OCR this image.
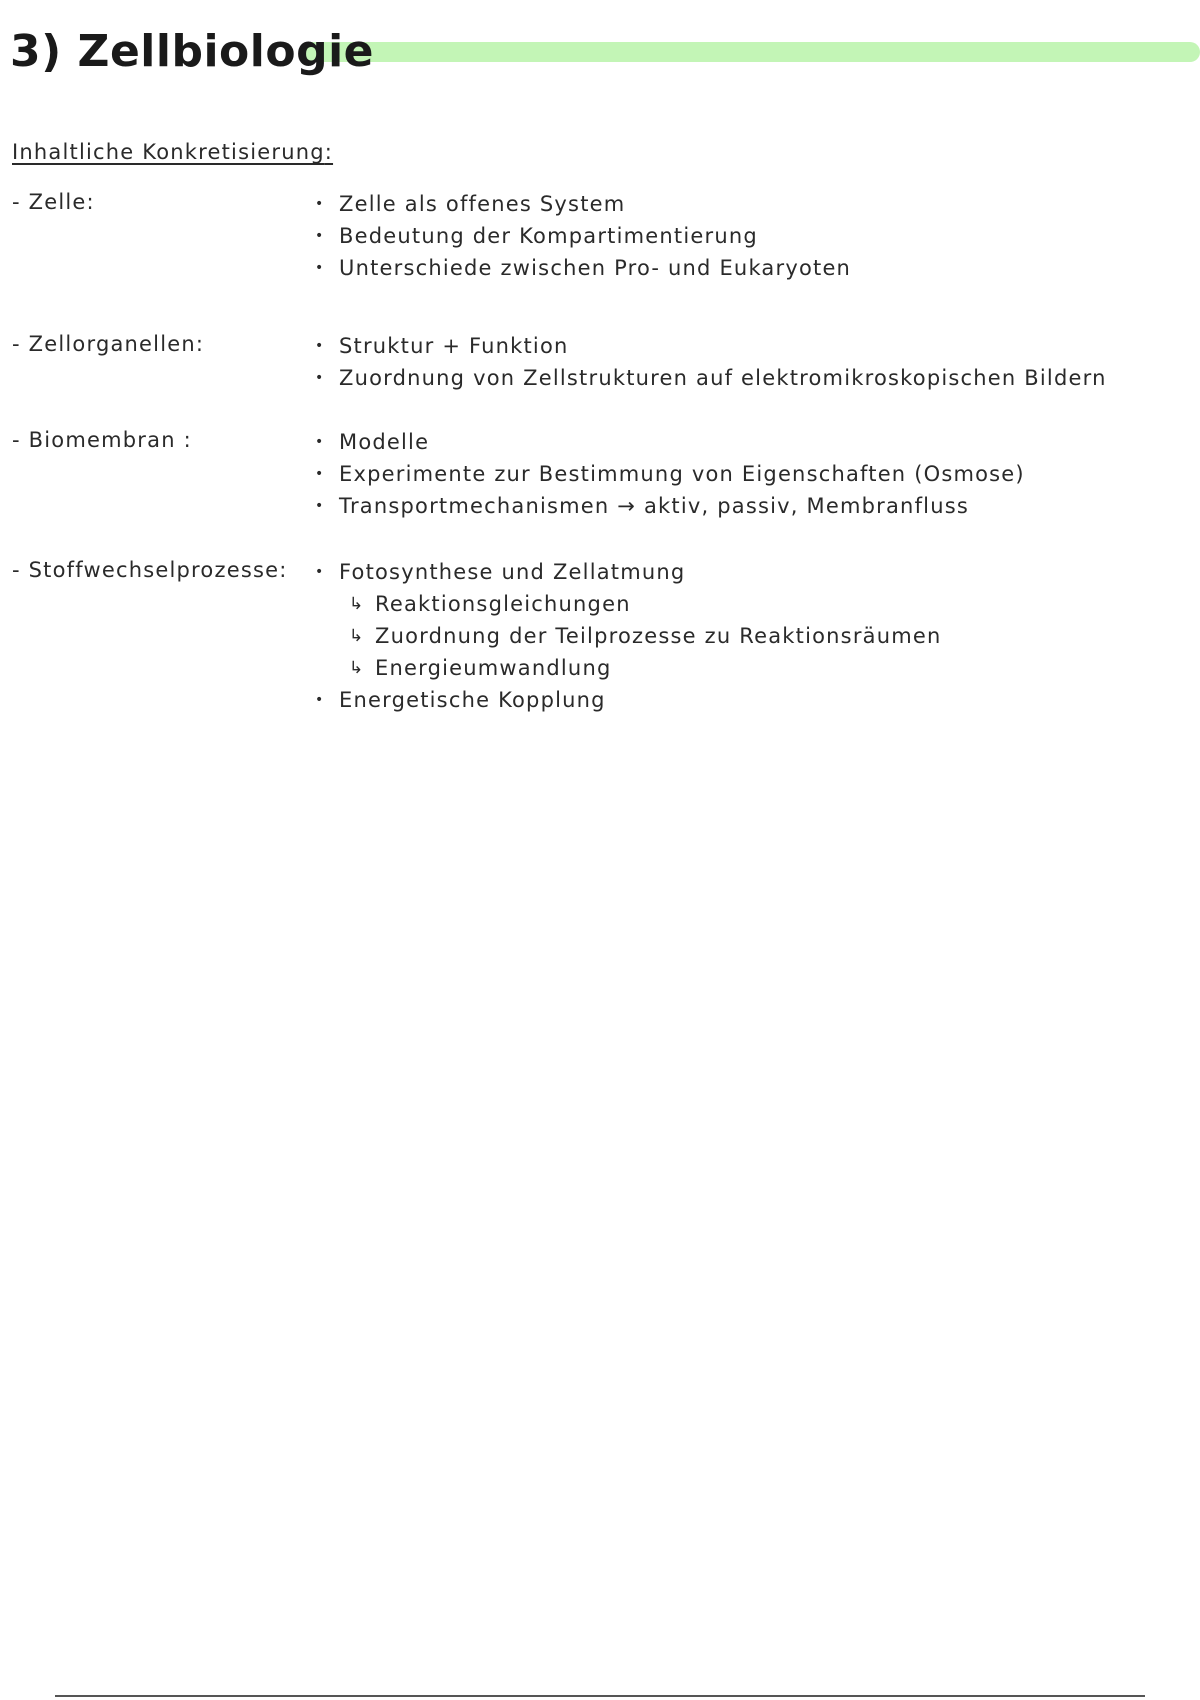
3) Zellbiologie
Inhaltliche Konkretisierung:
- Zelle:	• Zelle als offenes System
• Bedeutung der Kompartimentierung
• Unterschiede zwischen Pro- und Eukaryoten
- Zellorganellen:	• Struktur + Funktion
• Zuordnung von Zellstrukturen auf elektromikroskopischen Bildern
- Biomembran :	• Modelle
• Experimente zur Bestimmung von Eigenschaften (Osmose)
• Transportmechanismen → aktiv, passiv, Membranfluss
- Stoffwechselprozesse: • Fotosynthese und Zellatmung
↳ Reaktionsgleichungen
↳ Zuordnung der Teilprozesse zu Reaktionsräumen
↳ Energieumwandlung
• Energetische Kopplung
